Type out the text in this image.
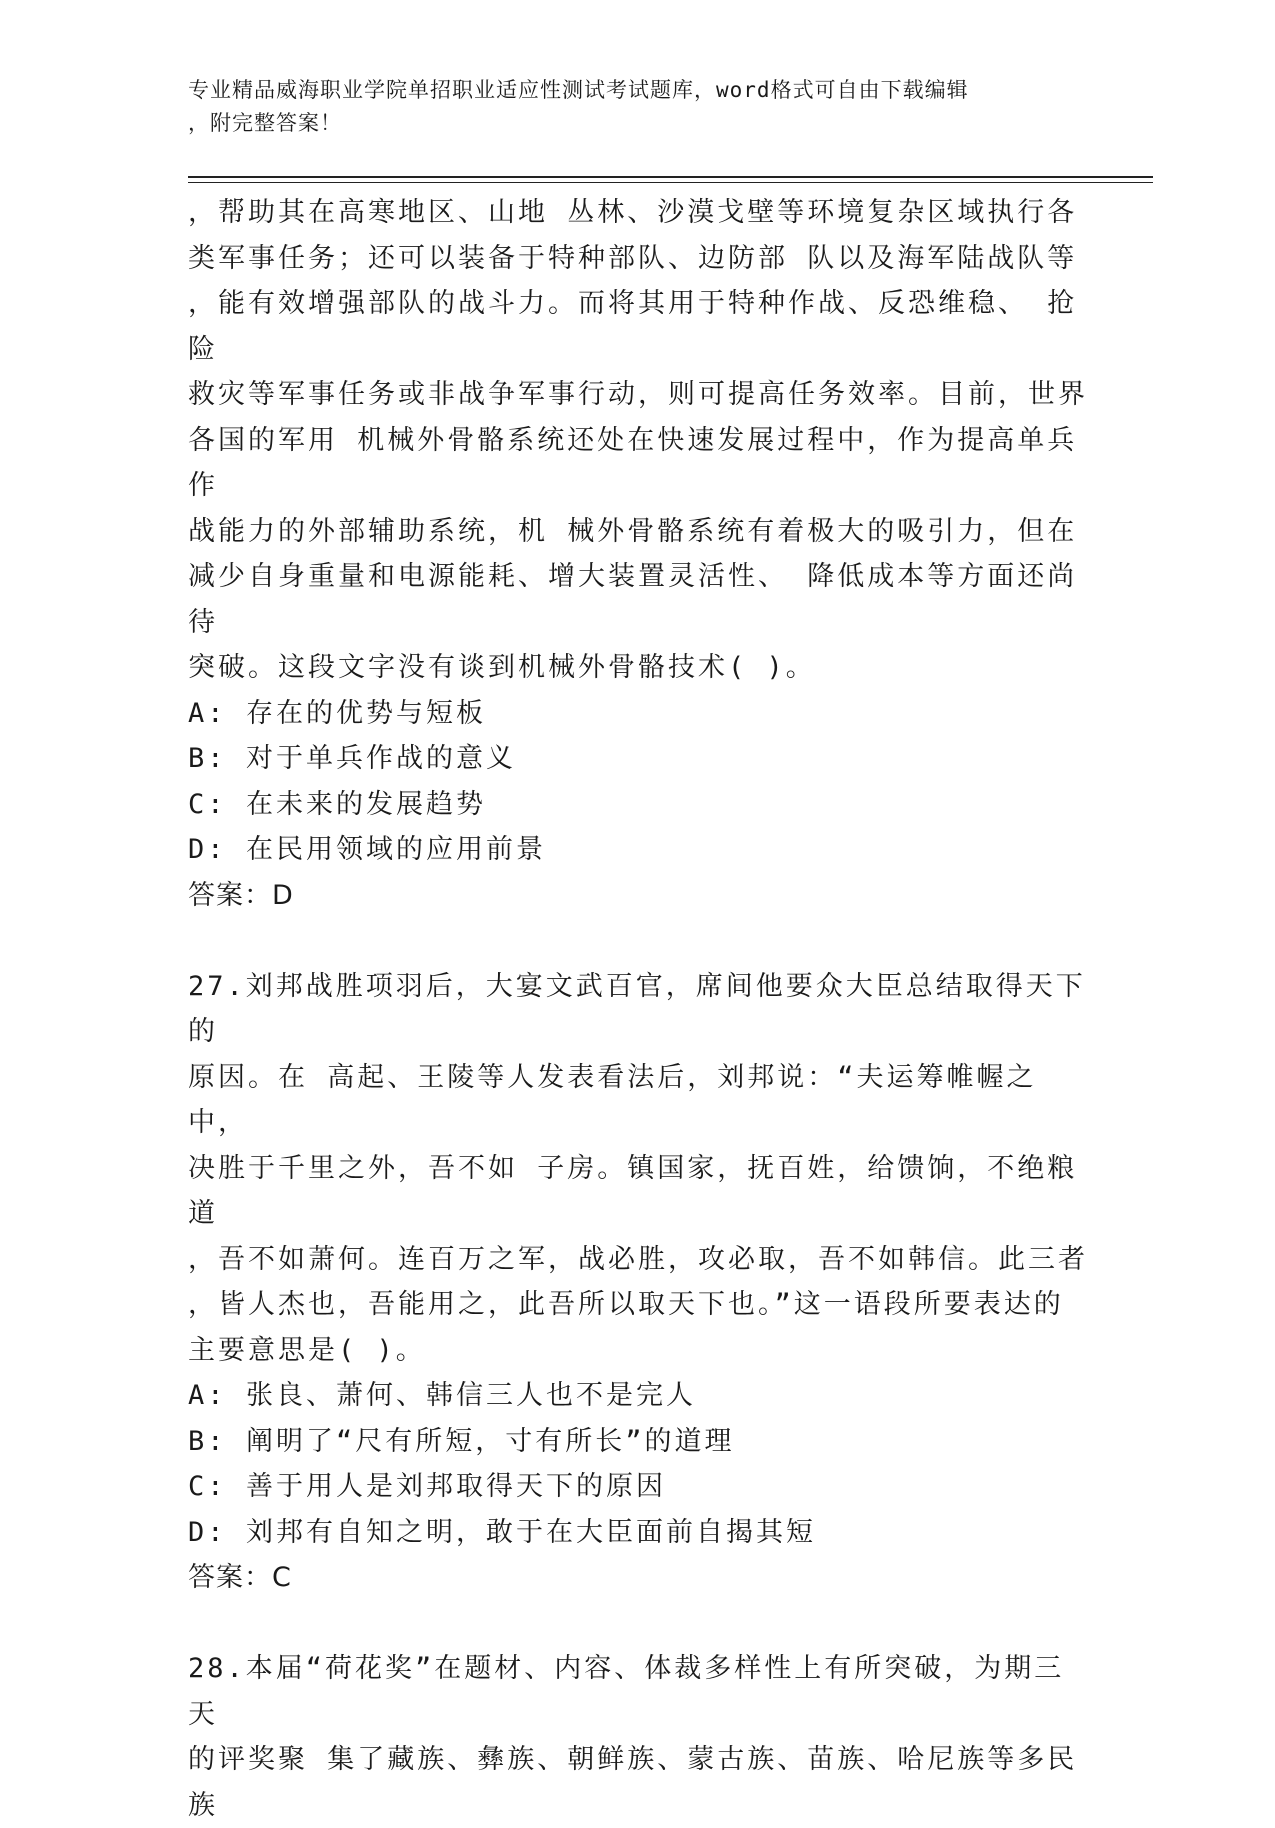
专业精品威海职业学院单招职业适应性测试考试题库，word格式可自由下载编辑
，附完整答案！

，帮助其在高寒地区、山地 丛林、沙漠戈壁等环境复杂区域执行各
类军事任务；还可以装备于特种部队、边防部 队以及海军陆战队等
，能有效增强部队的战斗力。而将其用于特种作战、反恐维稳、 抢险
救灾等军事任务或非战争军事行动，则可提高任务效率。目前，世界
各国的军用 机械外骨骼系统还处在快速发展过程中，作为提高单兵作
战能力的外部辅助系统，机 械外骨骼系统有着极大的吸引力，但在
减少自身重量和电源能耗、增大装置灵活性、 降低成本等方面还尚待
突破。这段文字没有谈到机械外骨骼技术( )。

A: 存在的优势与短板

B: 对于单兵作战的意义

C: 在未来的发展趋势

D: 在民用领域的应用前景

答案：D

27.刘邦战胜项羽后，大宴文武百官，席间他要众大臣总结取得天下的
原因。在 高起、王陵等人发表看法后，刘邦说：“夫运筹帷幄之中，
决胜于千里之外，吾不如 子房。镇国家，抚百姓，给馈饷，不绝粮道
，吾不如萧何。连百万之军，战必胜，攻必取，吾不如韩信。此三者
，皆人杰也，吾能用之，此吾所以取天下也。”这一语段所要表达的
主要意思是( )。

A: 张良、萧何、韩信三人也不是完人

B: 阐明了“尺有所短，寸有所长”的道理

C: 善于用人是刘邦取得天下的原因

D: 刘邦有自知之明，敢于在大臣面前自揭其短

答案：C

28.本届“荷花奖”在题材、内容、体裁多样性上有所突破，为期三天
的评奖聚 集了藏族、彝族、朝鲜族、蒙古族、苗族、哈尼族等多民族
